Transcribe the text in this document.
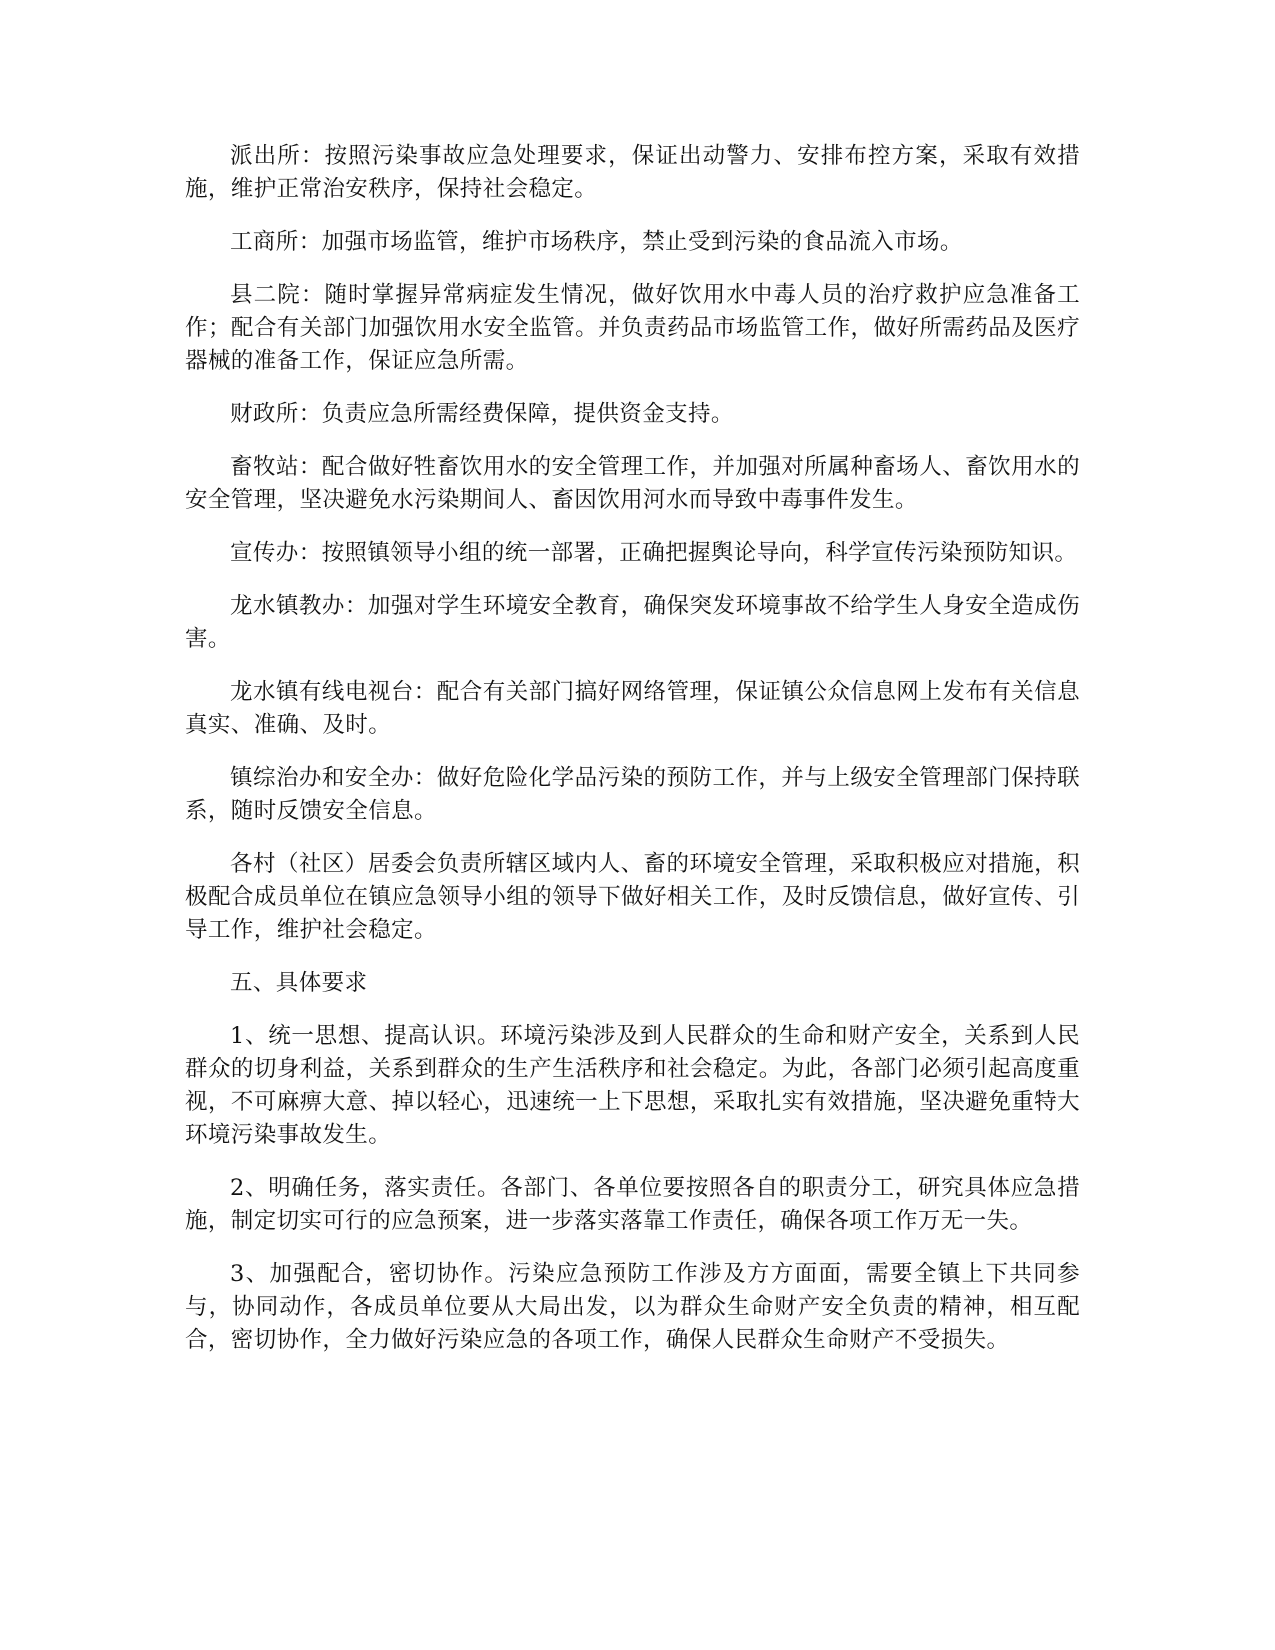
派出所：按照污染事故应急处理要求，保证出动警力、安排布控方案，采取有效措施，维护正常治安秩序，保持社会稳定。

工商所：加强市场监管，维护市场秩序，禁止受到污染的食品流入市场。

县二院：随时掌握异常病症发生情况，做好饮用水中毒人员的治疗救护应急准备工作；配合有关部门加强饮用水安全监管。并负责药品市场监管工作，做好所需药品及医疗器械的准备工作，保证应急所需。

财政所：负责应急所需经费保障，提供资金支持。

畜牧站：配合做好牲畜饮用水的安全管理工作，并加强对所属种畜场人、畜饮用水的安全管理，坚决避免水污染期间人、畜因饮用河水而导致中毒事件发生。

宣传办：按照镇领导小组的统一部署，正确把握舆论导向，科学宣传污染预防知识。

龙水镇教办：加强对学生环境安全教育，确保突发环境事故不给学生人身安全造成伤害。

龙水镇有线电视台：配合有关部门搞好网络管理，保证镇公众信息网上发布有关信息真实、准确、及时。

镇综治办和安全办：做好危险化学品污染的预防工作，并与上级安全管理部门保持联系，随时反馈安全信息。

各村（社区）居委会负责所辖区域内人、畜的环境安全管理，采取积极应对措施，积极配合成员单位在镇应急领导小组的领导下做好相关工作，及时反馈信息，做好宣传、引导工作，维护社会稳定。

五、具体要求

1、统一思想、提高认识。环境污染涉及到人民群众的生命和财产安全，关系到人民群众的切身利益，关系到群众的生产生活秩序和社会稳定。为此，各部门必须引起高度重视，不可麻痹大意、掉以轻心，迅速统一上下思想，采取扎实有效措施，坚决避免重特大环境污染事故发生。

2、明确任务，落实责任。各部门、各单位要按照各自的职责分工，研究具体应急措施，制定切实可行的应急预案，进一步落实落靠工作责任，确保各项工作万无一失。

3、加强配合，密切协作。污染应急预防工作涉及方方面面，需要全镇上下共同参与，协同动作，各成员单位要从大局出发，以为群众生命财产安全负责的精神，相互配合，密切协作，全力做好污染应急的各项工作，确保人民群众生命财产不受损失。
